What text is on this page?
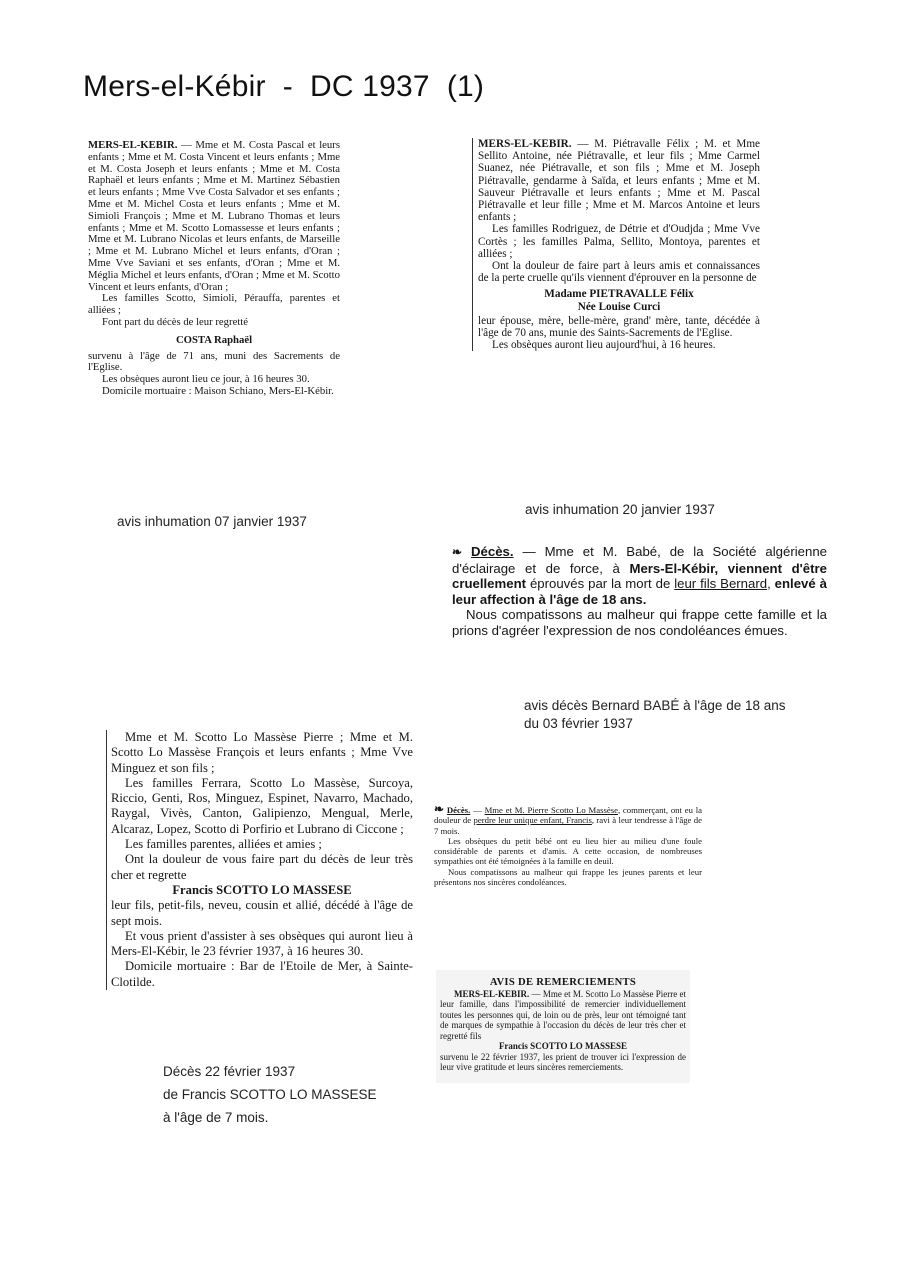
Mers-el-Kébir  -  DC 1937  (1)

MERS-EL-KEBIR. — Mme et M. Costa Pascal et leurs enfants ; Mme et M. Costa Vincent et leurs enfants ; Mme et M. Costa Joseph et leurs enfants ; Mme et M. Costa Raphaël et leurs enfants ; Mme et M. Martinez Sébastien et leurs enfants ; Mme Vve Costa Salvador et ses enfants ; Mme et M. Michel Costa et leurs enfants ; Mme et M. Simioli François ; Mme et M. Lubrano Thomas et leurs enfants ; Mme et M. Scotto Lomassesse et leurs enfants ; Mme et M. Lubrano Nicolas et leurs enfants, de Marseille ; Mme et M. Lubrano Michel et leurs enfants, d'Oran ; Mme Vve Saviani et ses enfants, d'Oran ; Mme et M. Méglia Michel et leurs enfants, d'Oran ; Mme et M. Scotto Vincent et leurs enfants, d'Oran ;

Les familles Scotto, Simioli, Pérauffa, parentes et alliées ;

Font part du décès de leur regretté

COSTA Raphaël

survenu à l'âge de 71 ans, muni des Sacrements de l'Eglise.

Les obsèques auront lieu ce jour, à 16 heures 30.

Domicile mortuaire : Maison Schiano, Mers-El-Kébir.

avis inhumation 07 janvier 1937

MERS-EL-KEBIR. — M. Piétravalle Félix ; M. et Mme Sellito Antoine, née Piétravalle, et leur fils ; Mme Carmel Suanez, née Piétravalle, et son fils ; Mme et M. Joseph Piétravalle, gendarme à Saïda, et leurs enfants ; Mme et M. Sauveur Piétravalle et leurs enfants ; Mme et M. Pascal Piétravalle et leur fille ; Mme et M. Marcos Antoine et leurs enfants ;

Les familles Rodriguez, de Détrie et d'Oudjda ; Mme Vve Cortès ; les familles Palma, Sellito, Montoya, parentes et alliées ;

Ont la douleur de faire part à leurs amis et connaissances de la perte cruelle qu'ils viennent d'éprouver en la personne de

Madame PIETRAVALLE Félix

Née Louise Curci

leur épouse, mère, belle-mère, grand' mère, tante, décédée à l'âge de 70 ans, munie des Saints-Sacrements de l'Eglise.

Les obsèques auront lieu aujourd'hui, à 16 heures.

avis inhumation 20 janvier 1937

❧ Décès. — Mme et M. Babé, de la Société algérienne d'éclairage et de force, à Mers-El-Kébir, viennent d'être cruellement éprouvés par la mort de leur fils Bernard, enlevé à leur affection à l'âge de 18 ans.

Nous compatissons au malheur qui frappe cette famille et la prions d'agréer l'expression de nos condoléances émues.

avis décès Bernard BABÉ à l'âge de 18 ans
du 03 février 1937

Mme et M. Scotto Lo Massèse Pierre ; Mme et M. Scotto Lo Massèse François et leurs enfants ; Mme Vve Minguez et son fils ;

Les familles Ferrara, Scotto Lo Massèse, Surcoya, Riccio, Genti, Ros, Minguez, Espinet, Navarro, Machado, Raygal, Vivès, Canton, Galipienzo, Mengual, Merle, Alcaraz, Lopez, Scotto di Porfirio et Lubrano di Ciccone ;

Les familles parentes, alliées et amies ;

Ont la douleur de vous faire part du décès de leur très cher et regrette

Francis SCOTTO LO MASSESE

leur fils, petit-fils, neveu, cousin et allié, décédé à l'âge de sept mois.

Et vous prient d'assister à ses obsèques qui auront lieu à Mers-El-Kébir, le 23 février 1937, à 16 heures 30.

Domicile mortuaire : Bar de l'Etoile de Mer, à Sainte-Clotilde.

Décès 22 février 1937
de Francis SCOTTO LO MASSESE
à l'âge de 7 mois.

❧ Décès. — Mme et M. Pierre Scotto Lo Massèse, commerçant, ont eu la douleur de perdre leur unique enfant, Francis, ravi à leur tendresse à l'âge de 7 mois.

Les obsèques du petit bébé ont eu lieu hier au milieu d'une foule considérable de parents et d'amis. A cette occasion, de nombreuses sympathies ont été témoignées à la famille en deuil.

Nous compatissons au malheur qui frappe les jeunes parents et leur présentons nos sincères condoléances.

AVIS DE REMERCIEMENTS

MERS-EL-KEBIR. — Mme et M. Scotto Lo Massèse Pierre et leur famille, dans l'impossibilité de remercier individuellement toutes les personnes qui, de loin ou de près, leur ont témoigné tant de marques de sympathie à l'occasion du décès de leur très cher et regretté fils

Francis SCOTTO LO MASSESE

survenu le 22 février 1937, les prient de trouver ici l'expression de leur vive gratitude et leurs sincères remerciements.
